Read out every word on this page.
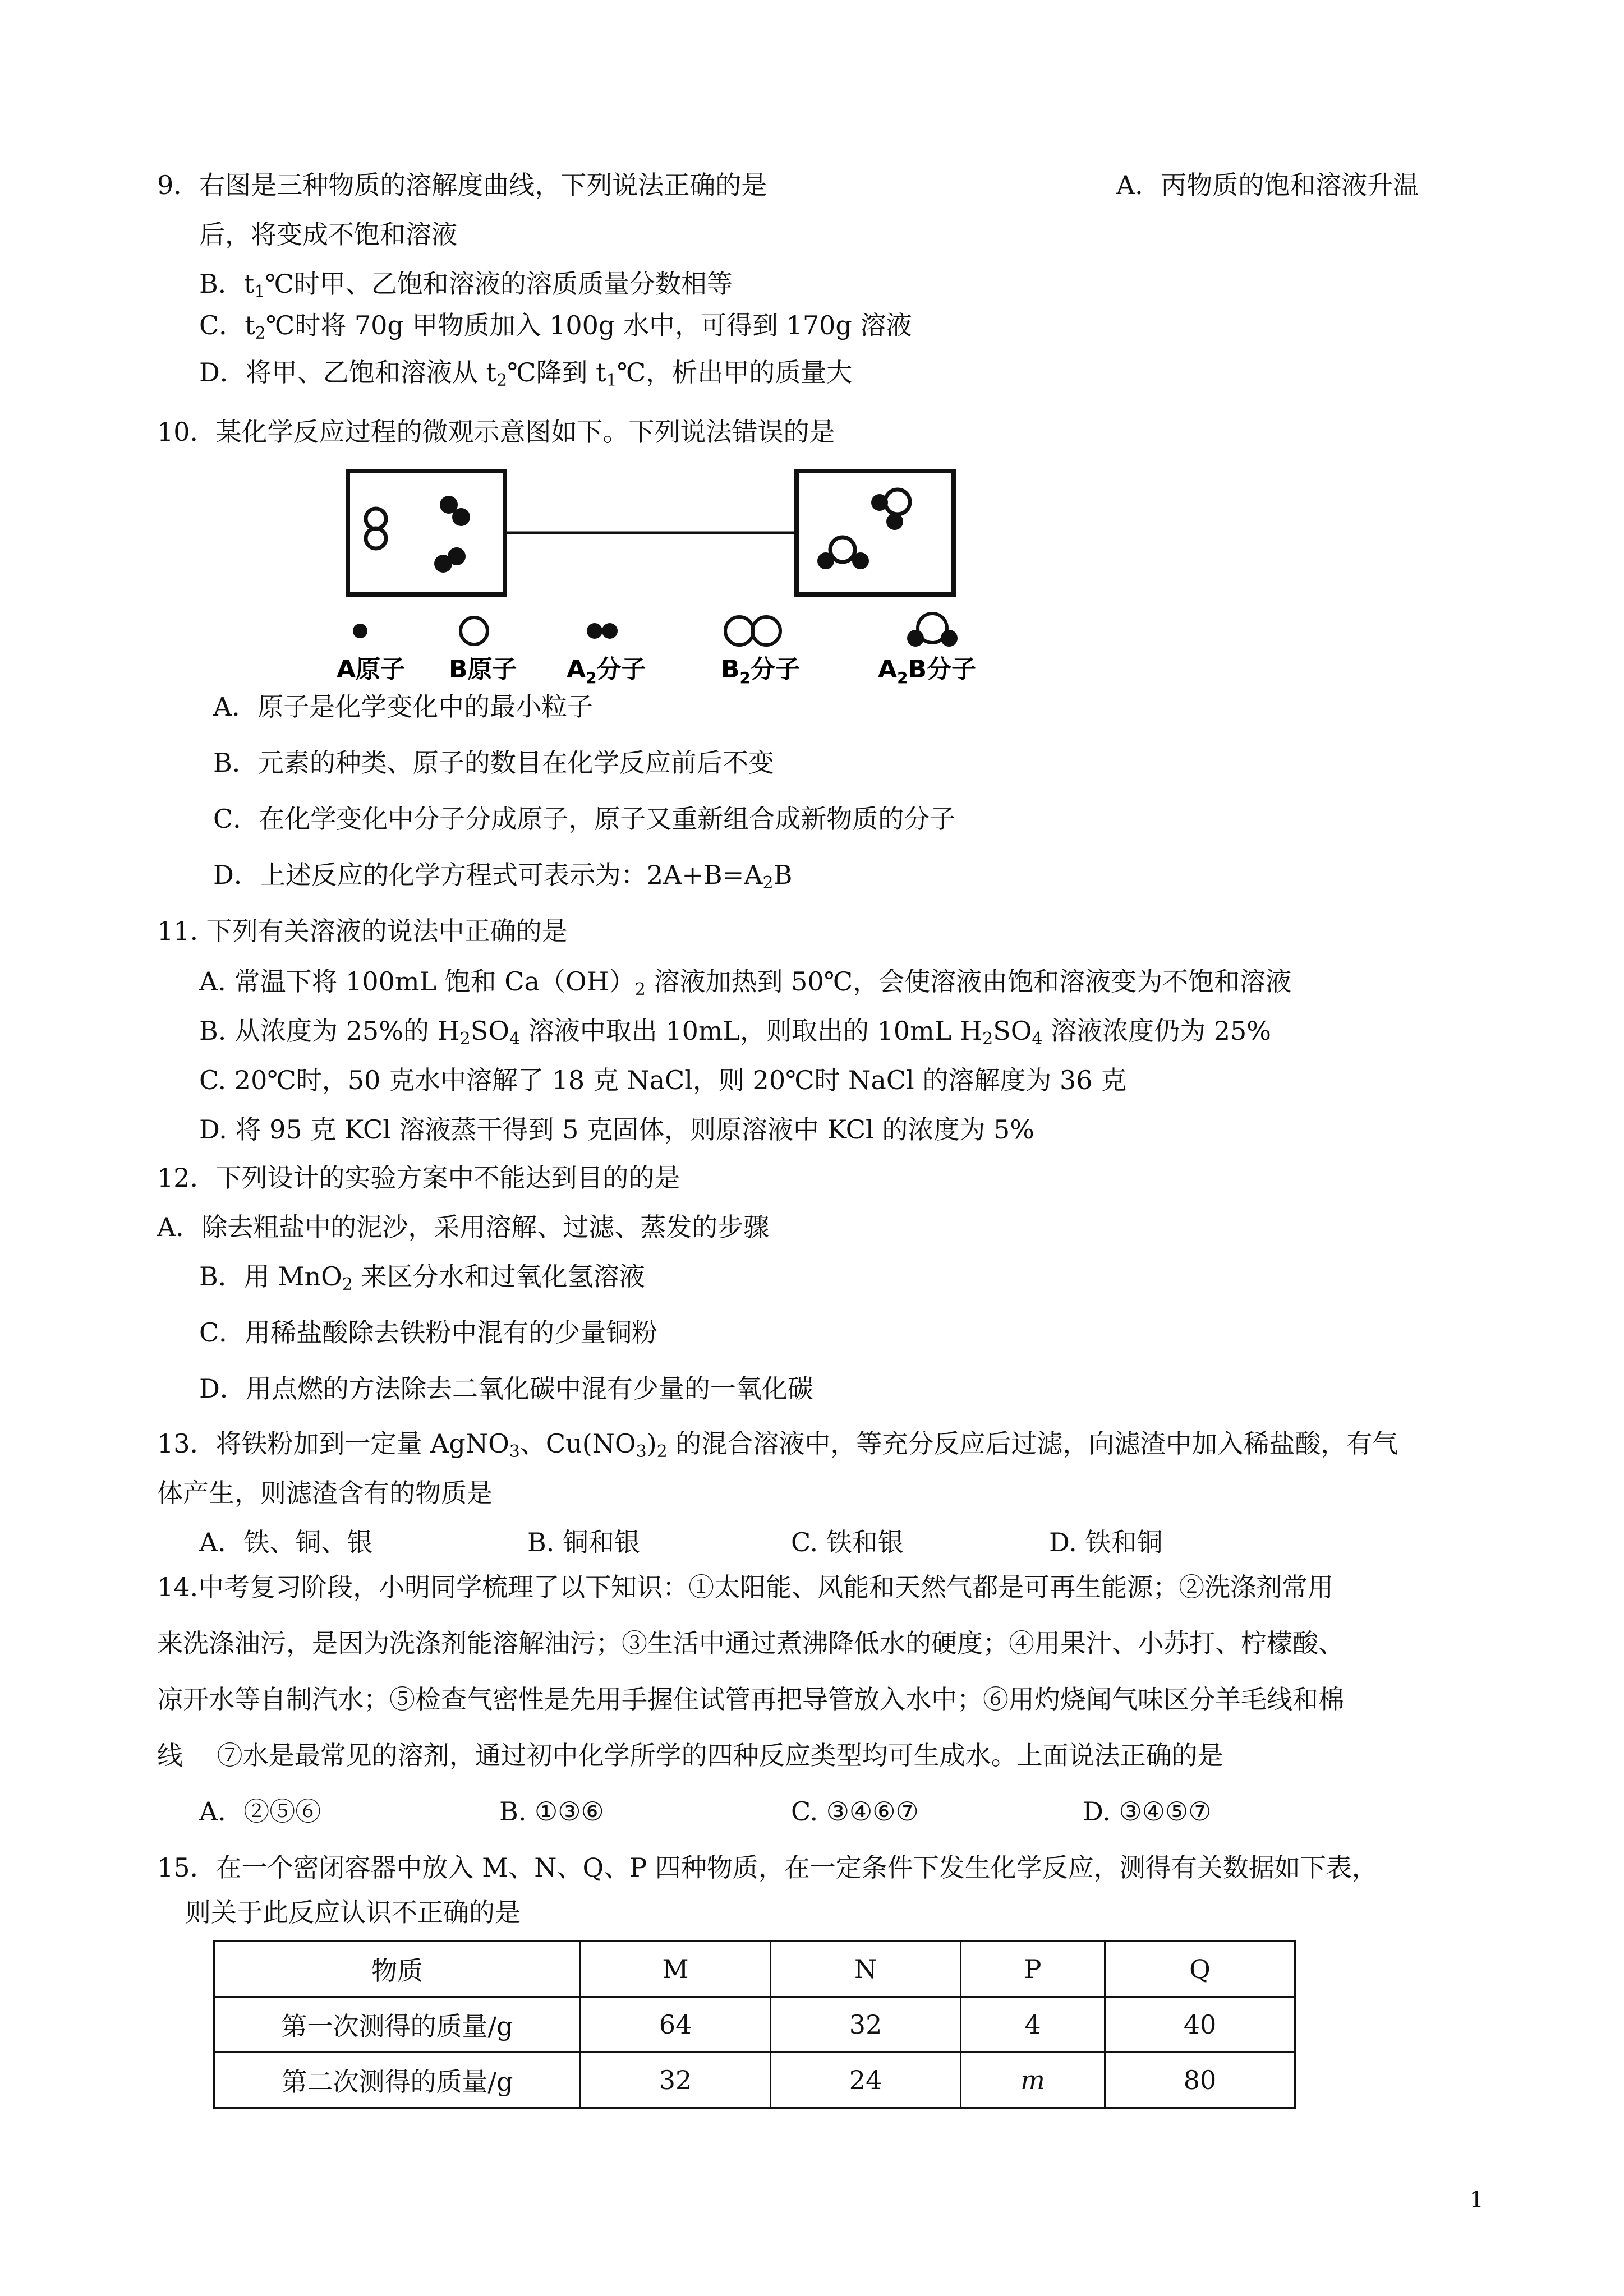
9．右图是三种物质的溶解度曲线，下列说法正确的是	A．丙物质的饱和溶液升温
后，将变成不饱和溶液
B．$t_1℃$时甲、乙饱和溶液的溶质质量分数相等
C．$t_2℃$时将 70g 甲物质加入 100g 水中，可得到 170g 溶液
D．将甲、乙饱和溶液从 $t_2℃$降到 $t_1℃$，析出甲的质量大
10．某化学反应过程的微观示意图如下。下列说法错误的是
A原子 B原子 $A_2$分子	$B_2$分子	$A_2B$分子
A．原子是化学变化中的最小粒子
B．元素的种类、原子的数目在化学反应前后不变
C．在化学变化中分子分成原子，原子又重新组合成新物质的分子
D．上述反应的化学方程式可表示为：$2A+B=A_2B$
11. 下列有关溶液的说法中正确的是
A. 常温下将 100mL 饱和 $Ca(OH)_2$ 溶液加热到 50℃，会使溶液由饱和溶液变为不饱和溶液
B. 从浓度为 25%的 $H_2SO_4$ 溶液中取出 10mL，则取出的 10mL $H_2SO_4$ 溶液浓度仍为 25%
C. 20℃时，50 克水中溶解了 18 克 NaCl，则 20℃时 NaCl 的溶解度为 36 克
D. 将 95 克 KCl 溶液蒸干得到 5 克固体，则原溶液中 KCl 的浓度为 5%
12．下列设计的实验方案中不能达到目的的是
A．除去粗盐中的泥沙，采用溶解、过滤、蒸发的步骤
B．用 MnO$_2$ 来区分水和过氧化氢溶液
C．用稀盐酸除去铁粉中混有的少量铜粉
D．用点燃的方法除去二氧化碳中混有少量的一氧化碳
13．将铁粉加到一定量 AgNO$_3$、$Cu(NO_3)_2$ 的混合溶液中，等充分反应后过滤，向滤渣中加入稀盐酸，有气
体产生，则滤渣含有的物质是
A．铁、铜、银	B. 铜和银	C. 铁和银	D. 铁和铜
14.中考复习阶段，小明同学梳理了以下知识：①太阳能、风能和天然气都是可再生能源；②洗涤剂常用
来洗涤油污，是因为洗涤剂能溶解油污；③生活中通过煮沸降低水的硬度；④用果汁、小苏打、柠檬酸、
凉开水等自制汽水；⑤检查气密性是先用手握住试管再把导管放入水中；⑥用灼烧闻气味区分羊毛线和棉
线　 ⑦水是最常见的溶剂，通过初中化学所学的四种反应类型均可生成水。上面说法正确的是
A．②⑤⑥	B. ①③⑥	C. ③④⑥⑦	D. ③④⑤⑦
15．在一个密闭容器中放入 M、N、Q、P 四种物质，在一定条件下发生化学反应，测得有关数据如下表，
则关于此反应认识不正确的是
物质	M	N	P	Q
第一次测得的质量/g	64	32	4	40
第二次测得的质量/g	32	24	m	80
1
